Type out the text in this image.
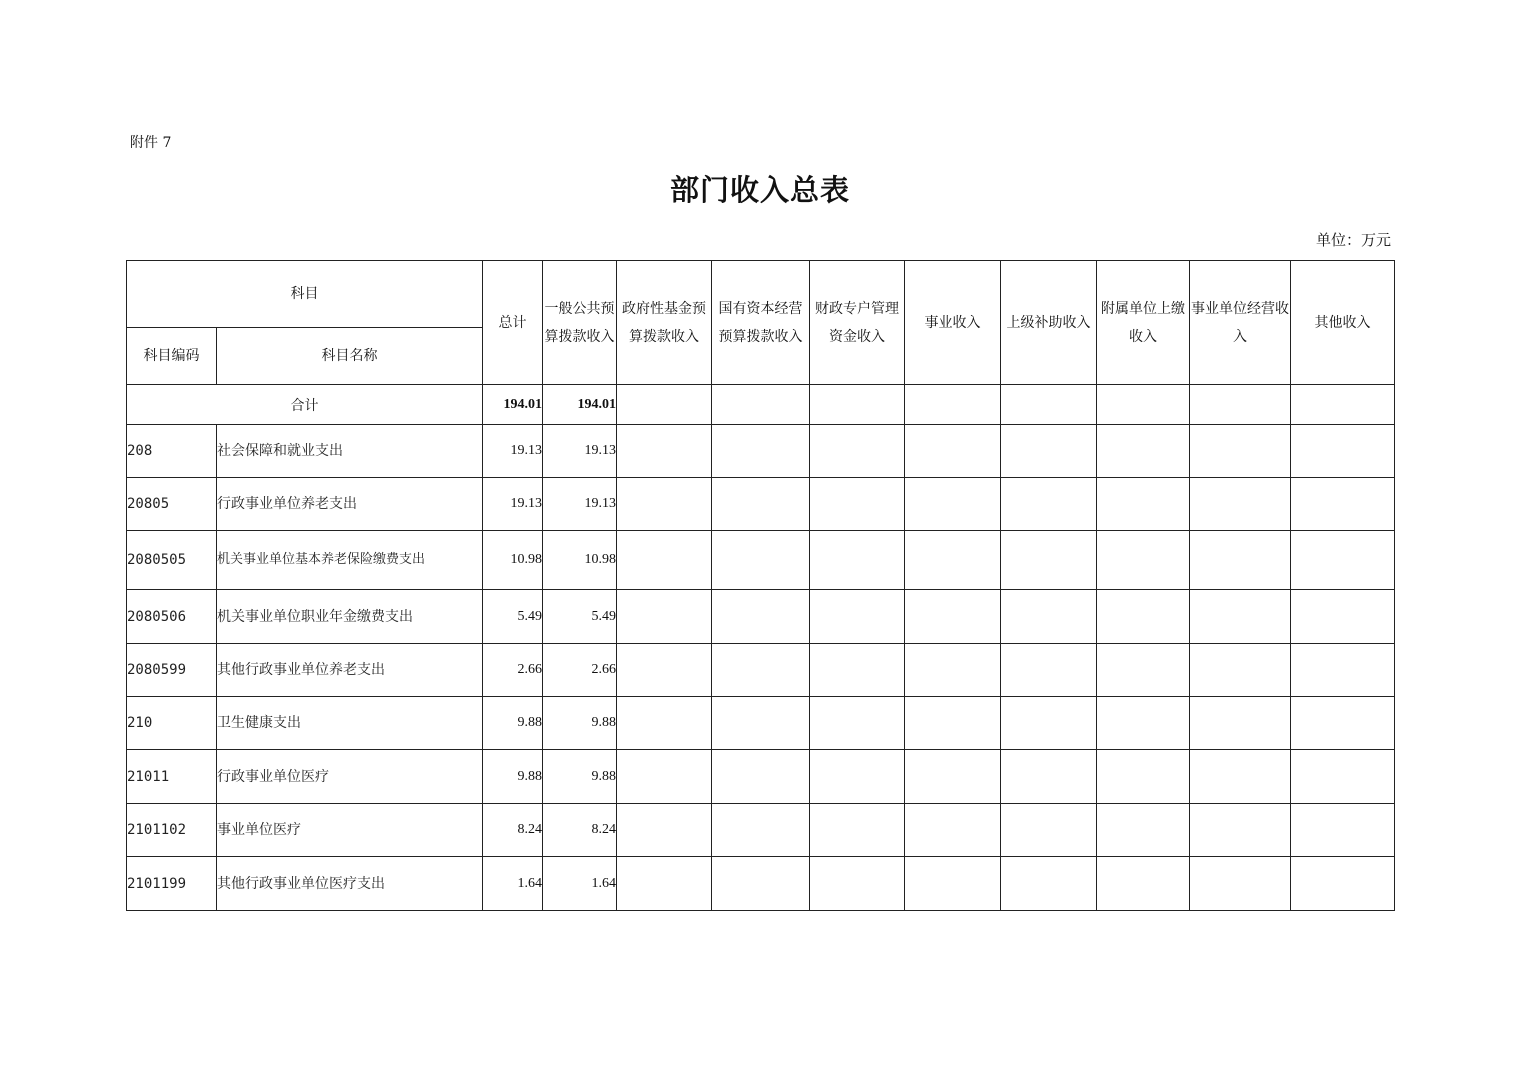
附件 7
部门收入总表
单位：万元
科目		总计	一般公共预算拨款收入	政府性基金预算拨款收入	国有资本经营预算拨款收入	财政专户管理资金收入	事业收入	上级补助收入	附属单位上缴收入	事业单位经营收入	其他收入
科目编码	科目名称										
合计		194.01	194.01								
208	社会保障和就业支出	19.13	19.13								
20805	行政事业单位养老支出	19.13	19.13								
2080505	机关事业单位基本养老保险缴费支出	10.98	10.98								
2080506	机关事业单位职业年金缴费支出	5.49	5.49								
2080599	其他行政事业单位养老支出	2.66	2.66								
210	卫生健康支出	9.88	9.88								
21011	行政事业单位医疗	9.88	9.88								
2101102	事业单位医疗	8.24	8.24								
2101199	其他行政事业单位医疗支出	1.64	1.64								
